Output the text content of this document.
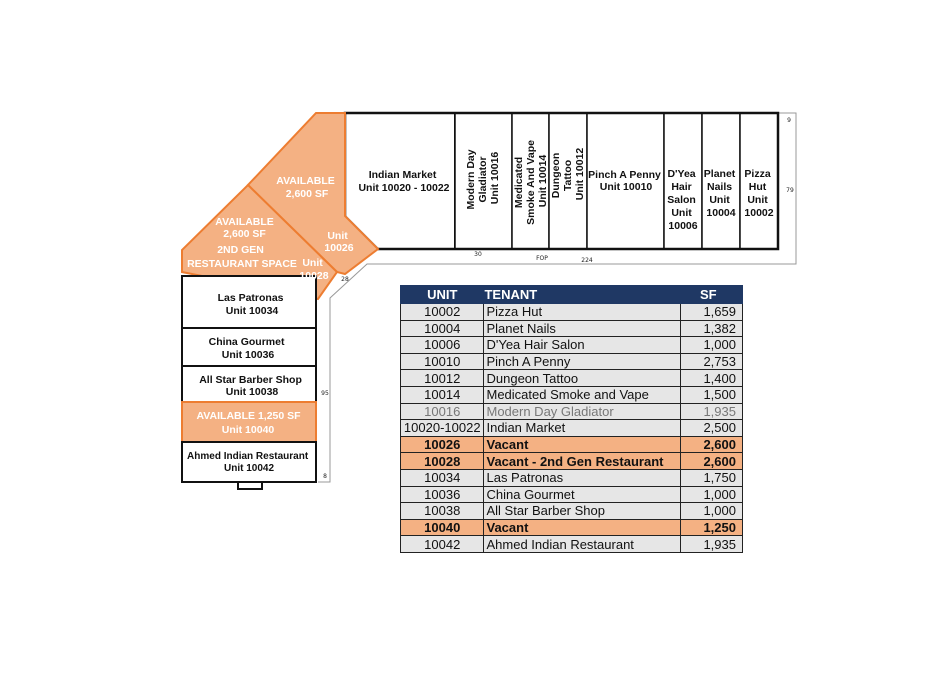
Indian Market Unit 10020 - 10022 Modern Day Gladiator Unit 10016 Medicated Smoke And Vape Unit 10014 Dungeon Tattoo Unit 10012 Pinch A Penny Unit 10010
D'Yea Hair Salon Unit 10006
Planet Nails Unit 10004
Pizza Hut Unit 10002
AVAILABLE 2,600 SF
Unit 10026
AVAILABLE 2,600 SF 2ND GEN RESTAURANT SPACE Unit 10028
Las Patronas Unit 10034
China Gourmet Unit 10036
All Star Barber Shop Unit 10038
AVAILABLE 1,250 SF Unit 10040
Ahmed Indian Restaurant Unit 10042
9
79
30
FOP	224
28
95
8
UNIT	TENANT	SF
10002	Pizza Hut	1,659
10004	Planet Nails	1,382
10006	D'Yea Hair Salon	1,000
10010	Pinch A Penny	2,753
10012	Dungeon Tattoo	1,400
10014	Medicated Smoke and Vape	1,500
10016	Modern Day Gladiator	1,935
10020-10022	Indian Market	2,500
10026	Vacant	2,600
10028	Vacant - 2nd Gen Restaurant	2,600
10034	Las Patronas	1,750
10036	China Gourmet	1,000
10038	All Star Barber Shop	1,000
10040	Vacant	1,250
10042	Ahmed Indian Restaurant	1,935
